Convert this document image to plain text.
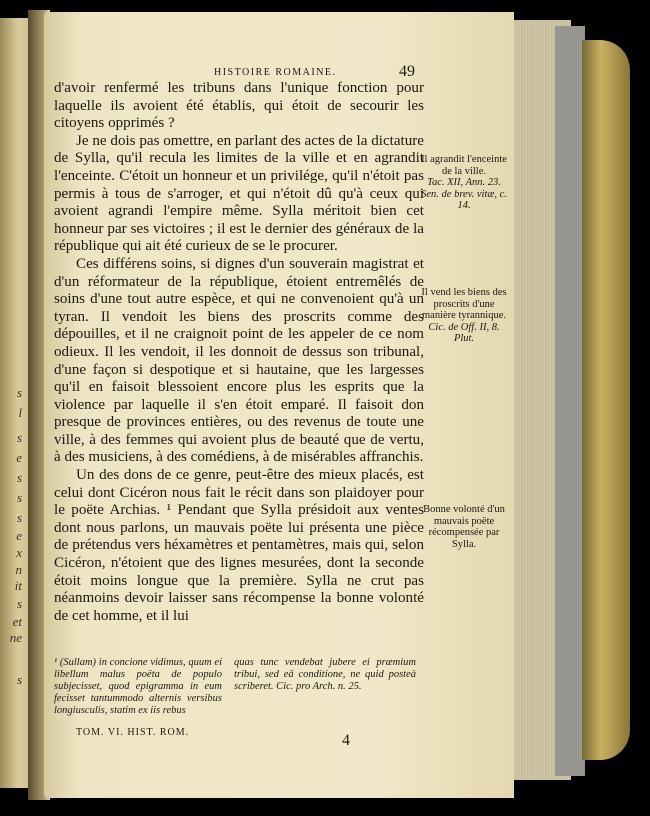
s
l
s
e
s
s
s
e
x
n
it
s
et
ne
s
HISTOIRE ROMAINE.	49

d'avoir renfermé les tribuns dans l'unique fonction pour laquelle ils avoient été établis, qui étoit de secourir les citoyens opprimés ?

Je ne dois pas omettre, en parlant des actes de la dictature de Sylla, qu'il recula les limites de la ville et en agrandit l'enceinte. C'étoit un honneur et un privilége, qu'il n'étoit pas permis à tous de s'arroger, et qui n'étoit dû qu'à ceux qui avoient agrandi l'empire même. Sylla méritoit bien cet honneur par ses victoires ; il est le dernier des généraux de la république qui ait été curieux de se le procurer.

Ces différens soins, si dignes d'un souverain magistrat et d'un réformateur de la république, étoient entremêlés de soins d'une tout autre espèce, et qui ne convenoient qu'à un tyran. Il vendoit les biens des proscrits comme des dépouilles, et il ne craignoit point de les appeler de ce nom odieux. Il les vendoit, il les donnoit de dessus son tribunal, d'une façon si despotique et si hautaine, que les largesses qu'il en faisoit blessoient encore plus les esprits que la violence par laquelle il s'en étoit emparé. Il faisoit don presque de provinces entières, ou des revenus de toute une ville, à des femmes qui avoient plus de beauté que de vertu, à des musiciens, à des comédiens, à de misérables affranchis.

Un des dons de ce genre, peut-être des mieux placés, est celui dont Cicéron nous fait le récit dans son plaidoyer pour le poëte Archias. ¹ Pendant que Sylla présidoit aux ventes dont nous parlons, un mauvais poëte lui présenta une pièce de prétendus vers héxamètres et pentamètres, mais qui, selon Cicéron, n'étoient que des lignes mesurées, dont la seconde étoit moins longue que la première. Sylla ne crut pas néanmoins devoir laisser sans récompense la bonne volonté de cet homme, et il lui

Il agrandit l'enceinte de la ville.
Tac. XII, Ann. 23.
Sen. de brev. vitæ, c. 14.
Il vend les biens des proscrits d'une manière tyrannique.
Cic. de Off. II, 8.
Plut.
Bonne volonté d'un mauvais poëte récompensée par Sylla.
¹ (Sullam) in concione vidimus, quum ei libellum malus poëta de populo subjecisset, quod epigramma in eum fecisset tantummodo alternis versibus longiusculis, statim ex iis rebus
quas tunc vendebat jubere ei præmium tribui, sed eâ conditione, ne quid posteà scriberet. Cic. pro Arch. n. 25.
TOM. VI. HIST. ROM.	4
